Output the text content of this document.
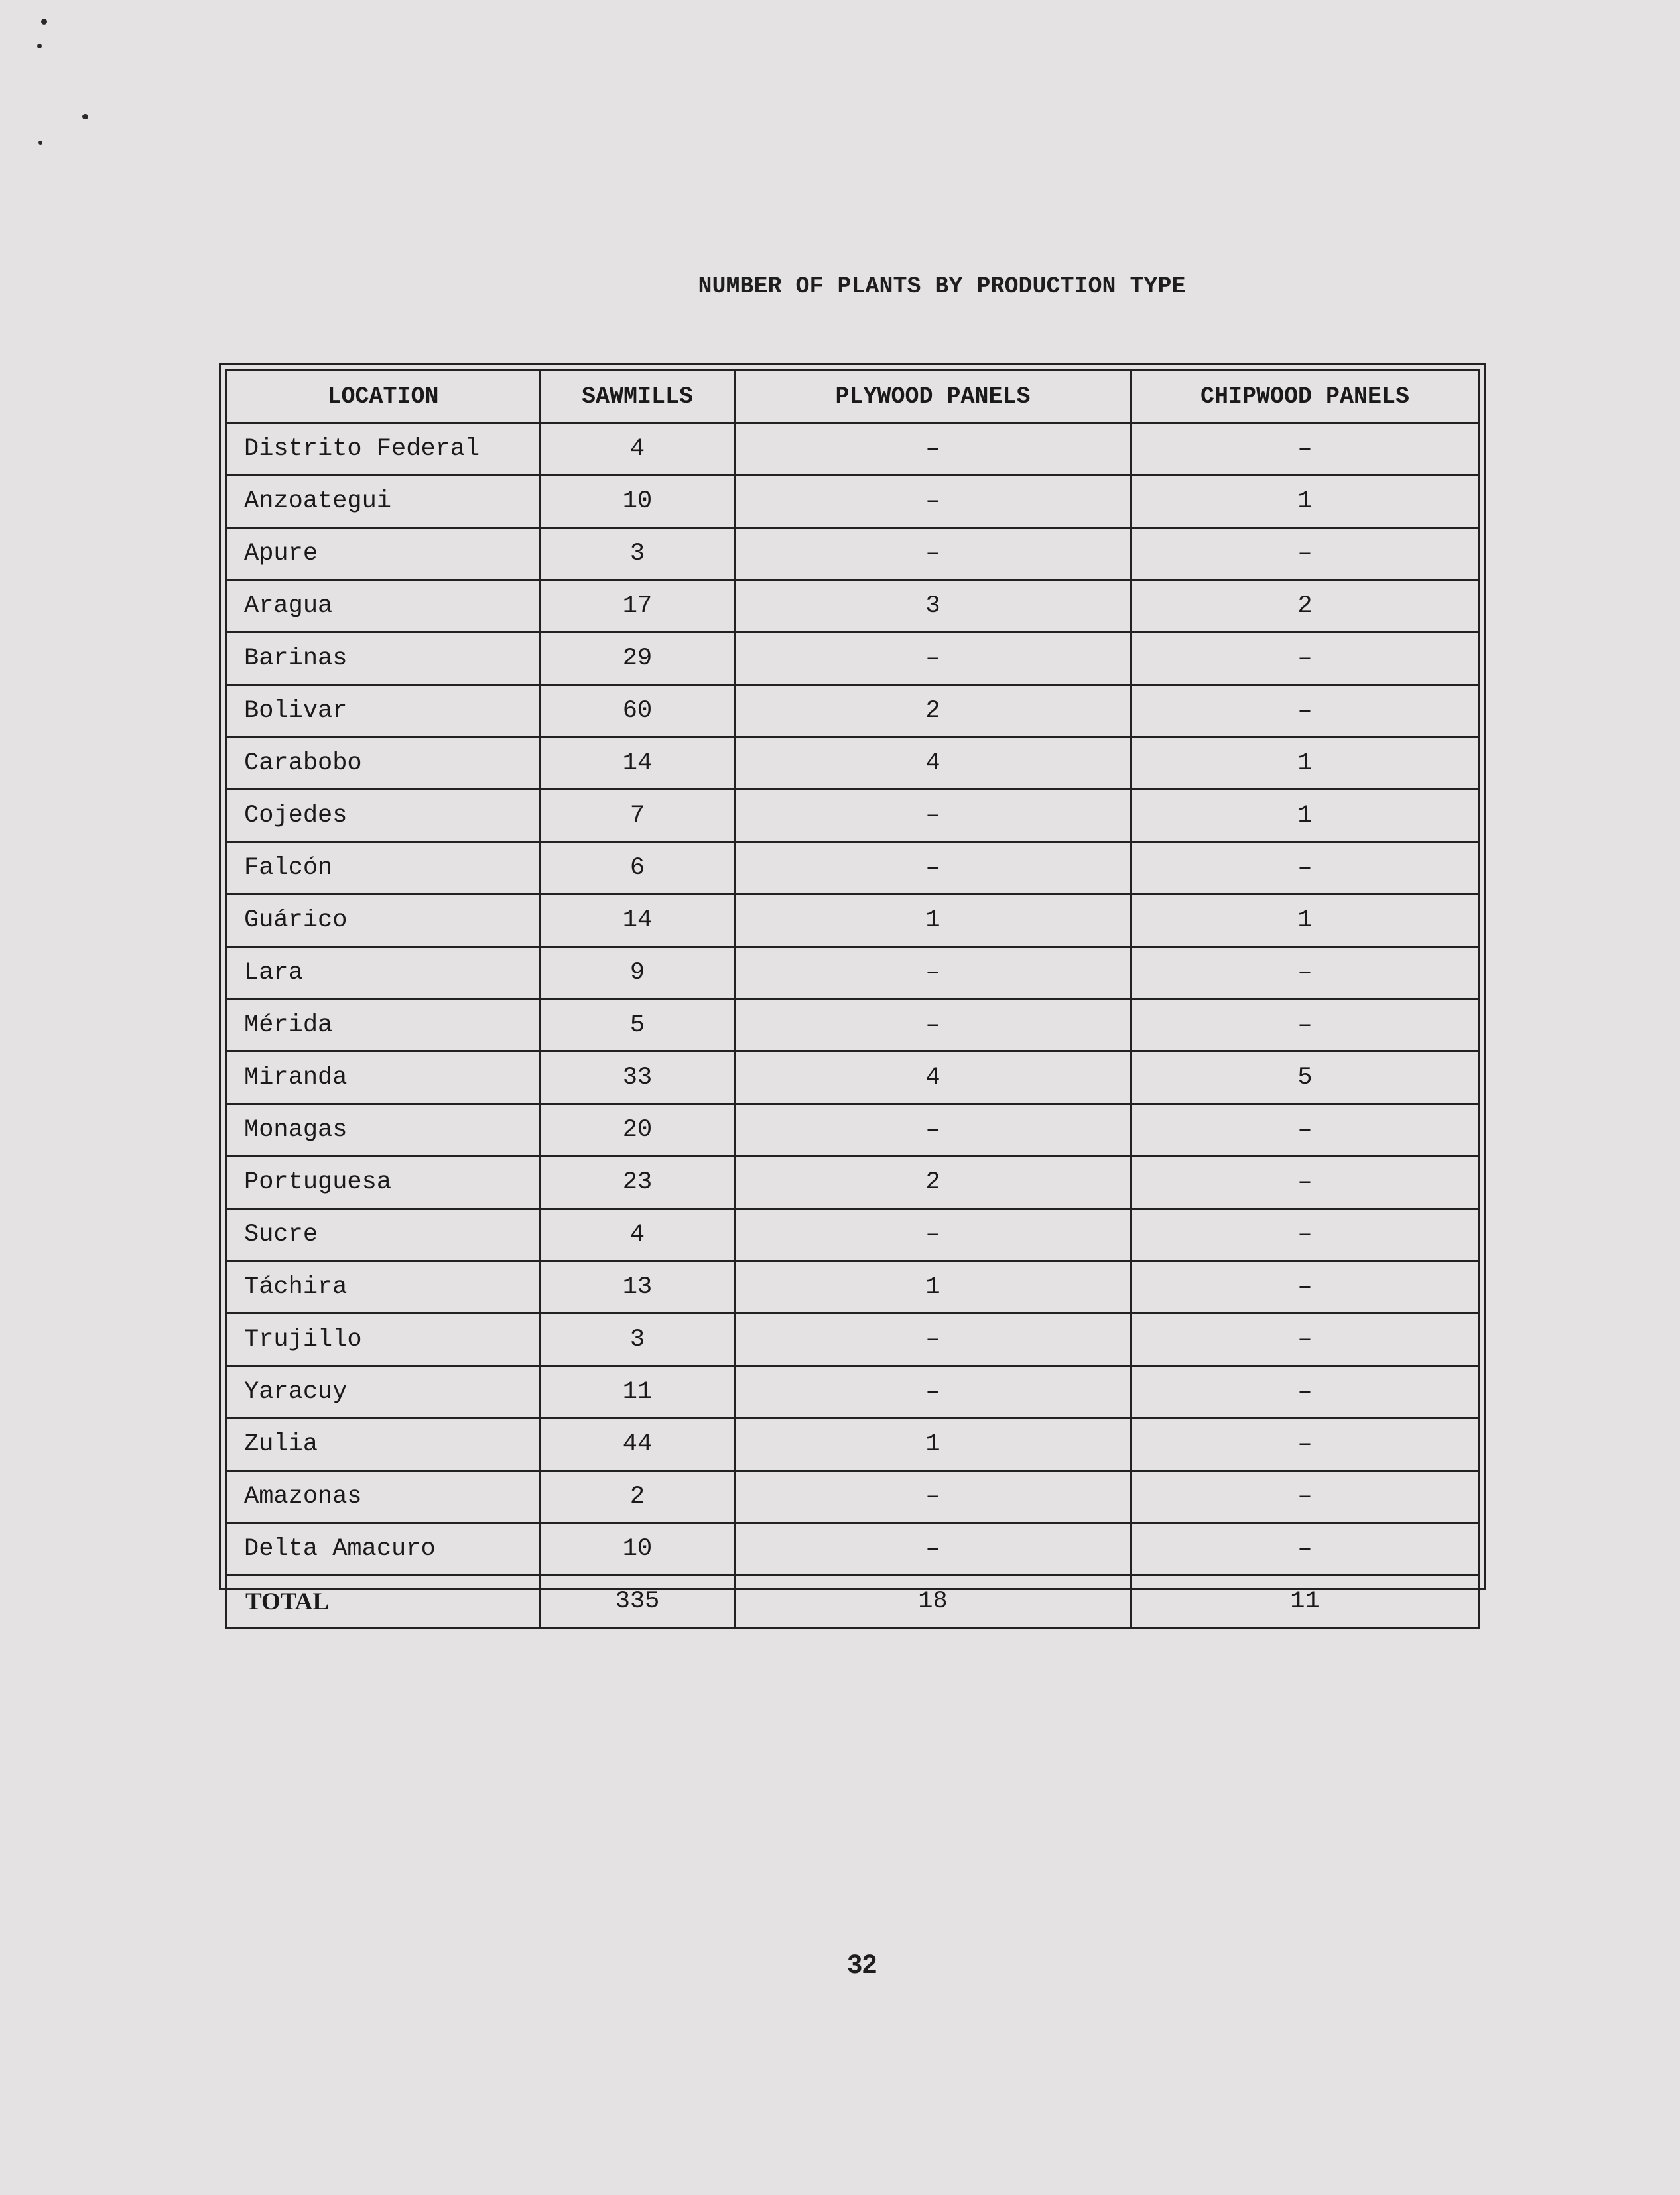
NUMBER OF PLANTS BY PRODUCTION TYPE
LOCATION	SAWMILLS	PLYWOOD PANELS	CHIPWOOD PANELS
Distrito Federal	4	–	–
Anzoategui	10	–	1
Apure	3	–	–
Aragua	17	3	2
Barinas	29	–	–
Bolivar	60	2	–
Carabobo	14	4	1
Cojedes	7	–	1
Falcón	6	–	–
Guárico	14	1	1
Lara	9	–	–
Mérida	5	–	–
Miranda	33	4	5
Monagas	20	–	–
Portuguesa	23	2	–
Sucre	4	–	–
Táchira	13	1	–
Trujillo	3	–	–
Yaracuy	11	–	–
Zulia	44	1	–
Amazonas	2	–	–
Delta Amacuro	10	–	–
TOTAL	335	18	11
32
